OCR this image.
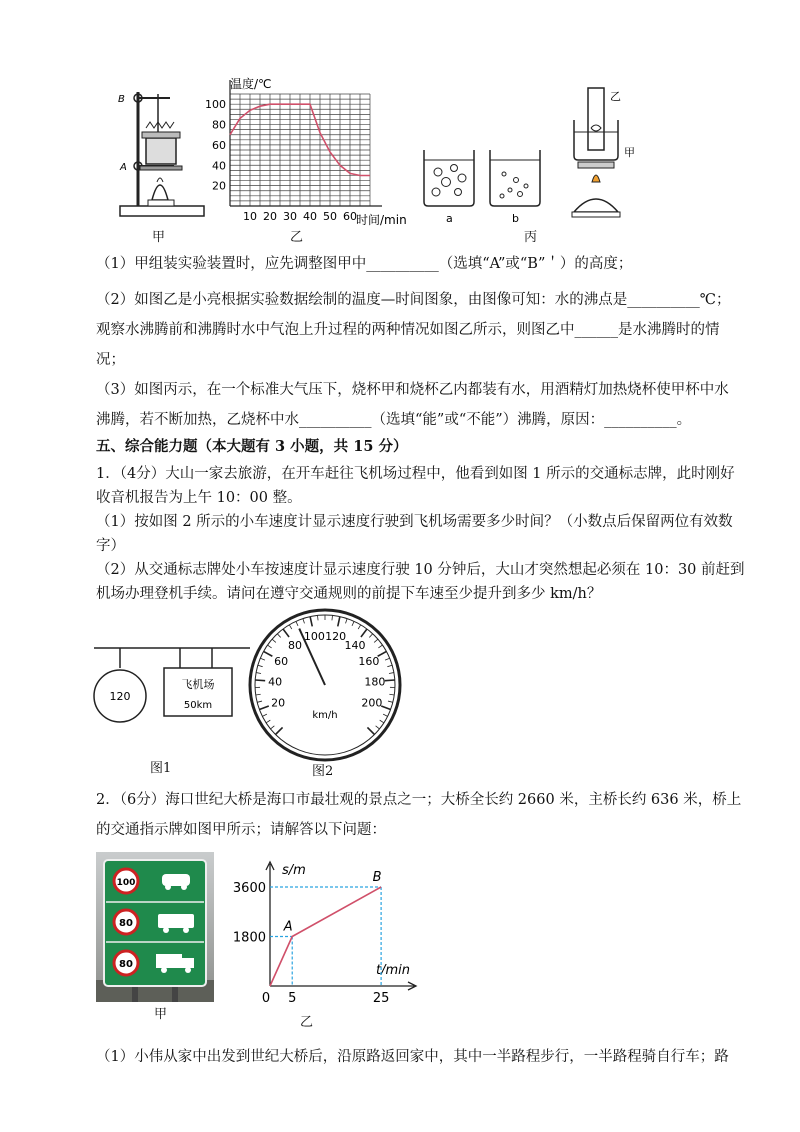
B
A
甲
温度/℃
时间/min
10 20 30 40 50 60
100
80
60
40
20
乙
a	b
乙
甲
丙
（1）甲组装实验装置时，应先调整图甲中__________（选填“A”或“B”＇）的高度；
（2）如图乙是小亮根据实验数据绘制的温度—时间图象，由图像可知：水的沸点是__________℃；
观察水沸腾前和沸腾时水中气泡上升过程的两种情况如图乙所示，则图乙中______是水沸腾时的情
况；
（3）如图丙示，在一个标准大气压下，烧杯甲和烧杯乙内都装有水，用酒精灯加热烧杯使甲杯中水
沸腾，若不断加热，乙烧杯中水__________（选填“能”或“不能”）沸腾，原因：__________。
五、综合能力题（本大题有 3 小题，共 15 分）
1．（4分）大山一家去旅游，在开车赶往飞机场过程中，他看到如图 1 所示的交通标志牌，此时刚好
收音机报告为上午 10：00 整。
（1）按如图 2 所示的小车速度计显示速度行驶到飞机场需要多少时间？（小数点后保留两位有效数
字）
（2）从交通标志牌处小车按速度计显示速度行驶 10 分钟后，大山才突然想起必须在 10：30 前赶到
机场办理登机手续。请问在遵守交通规则的前提下车速至少提升到多少 km/h？
120
飞机场
50km
图1
20
40
60
80
100 120
140
160
180
200
km/h
图2
2．（6分）海口世纪大桥是海口市最壮观的景点之一；大桥全长约 2660 米，主桥长约 636 米，桥上
的交通指示牌如图甲所示；请解答以下问题：
100
80
80
甲
s/m
t/min
0 5	25
1800
3600
A
B
乙
（1）小伟从家中出发到世纪大桥后，沿原路返回家中，其中一半路程步行，一半路程骑自行车；路
